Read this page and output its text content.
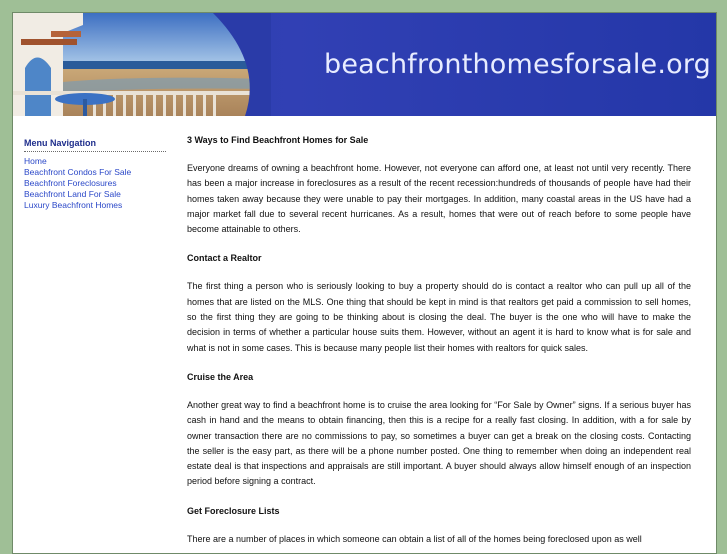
beachfronthomesforsale.org
Menu Navigation
Home
Beachfront Condos For Sale
Beachfront Foreclosures
Beachfront Land For Sale
Luxury Beachfront Homes
3 Ways to Find Beachfront Homes for Sale

Everyone dreams of owning a beachfront home. However, not everyone can afford one, at least not until very recently. There has been a major increase in foreclosures as a result of the recent recession:hundreds of thousands of people have had their homes taken away because they were unable to pay their mortgages. In addition, many coastal areas in the US have had a major market fall due to several recent hurricanes. As a result, homes that were out of reach before to some people have become attainable to others.

Contact a Realtor

The first thing a person who is seriously looking to buy a property should do is contact a realtor who can pull up all of the homes that are listed on the MLS. One thing that should be kept in mind is that realtors get paid a commission to sell homes, so the first thing they are going to be thinking about is closing the deal. The buyer is the one who will have to make the decision in terms of whether a particular house suits them. However, without an agent it is hard to know what is for sale and what is not in some cases. This is because many people list their homes with realtors for quick sales.

Cruise the Area

Another great way to find a beachfront home is to cruise the area looking for “For Sale by Owner” signs. If a serious buyer has cash in hand and the means to obtain financing, then this is a recipe for a really fast closing. In addition, with a for sale by owner transaction there are no commissions to pay, so sometimes a buyer can get a break on the closing costs. Contacting the seller is the easy part, as there will be a phone number posted. One thing to remember when doing an independent real estate deal is that inspections and appraisals are still important. A buyer should always allow himself enough of an inspection period before signing a contract.

Get Foreclosure Lists

There are a number of places in which someone can obtain a list of all of the homes being foreclosed upon as well
